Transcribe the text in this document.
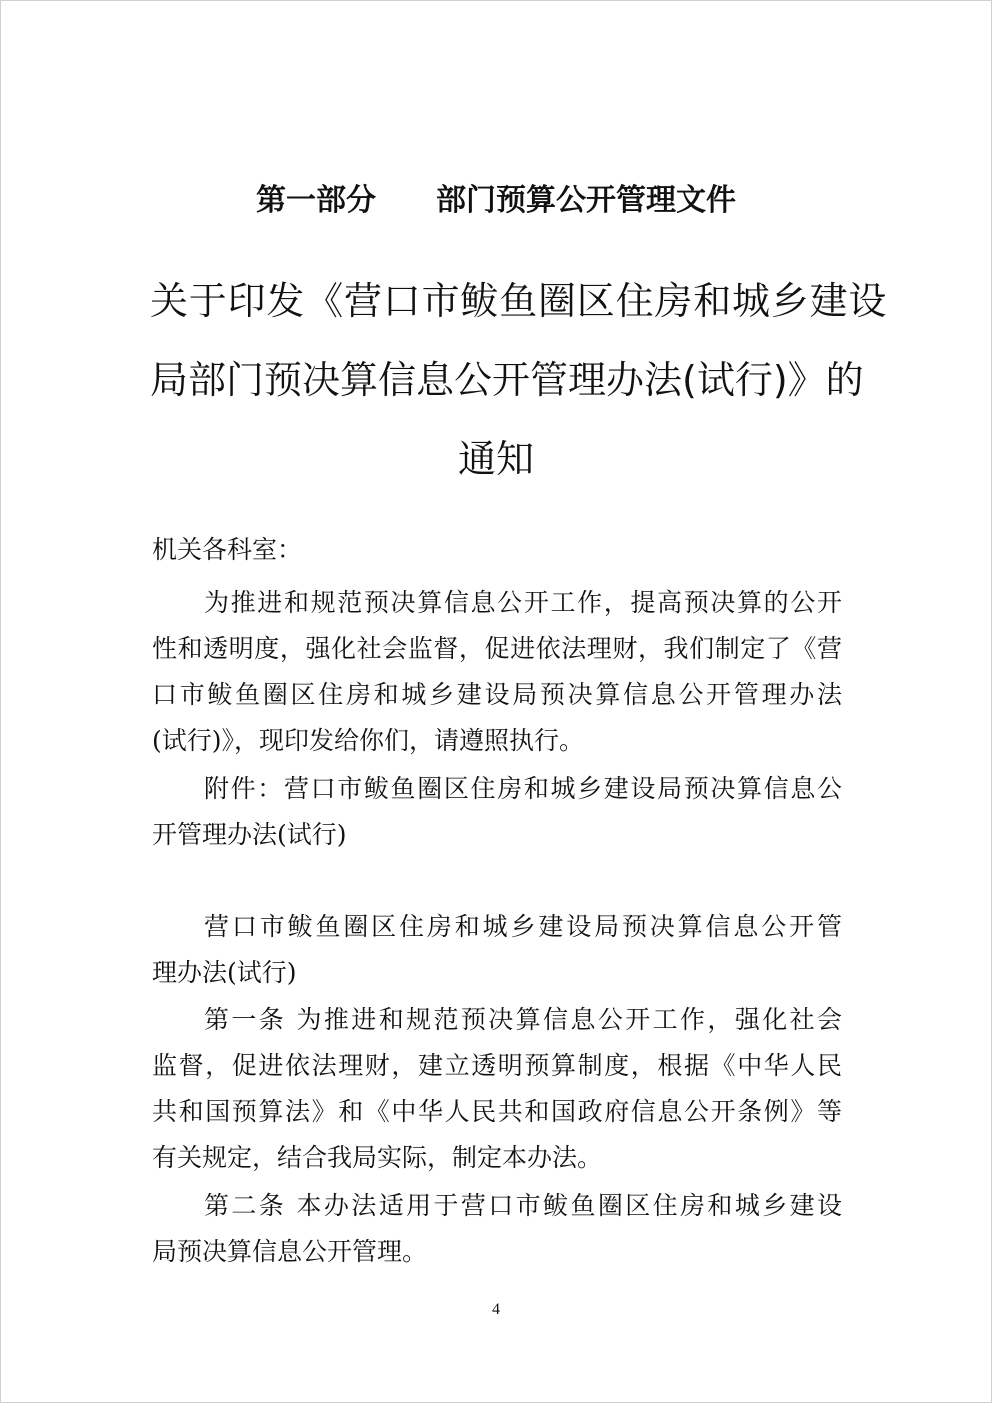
第一部分 部门预算公开管理文件
关于印发《营口市鲅鱼圈区住房和城乡建设
局部门预决算信息公开管理办法(试行)》的
通知
机关各科室：
为推进和规范预决算信息公开工作，提高预决算的公开
性和透明度，强化社会监督，促进依法理财，我们制定了《营
口市鲅鱼圈区住房和城乡建设局预决算信息公开管理办法
(试行)》，现印发给你们，请遵照执行。
附件：营口市鲅鱼圈区住房和城乡建设局预决算信息公
开管理办法(试行)
营口市鲅鱼圈区住房和城乡建设局预决算信息公开管
理办法(试行)
第一条 为推进和规范预决算信息公开工作，强化社会
监督，促进依法理财，建立透明预算制度，根据《中华人民
共和国预算法》和《中华人民共和国政府信息公开条例》等
有关规定，结合我局实际，制定本办法。
第二条 本办法适用于营口市鲅鱼圈区住房和城乡建设
局预决算信息公开管理。
4
